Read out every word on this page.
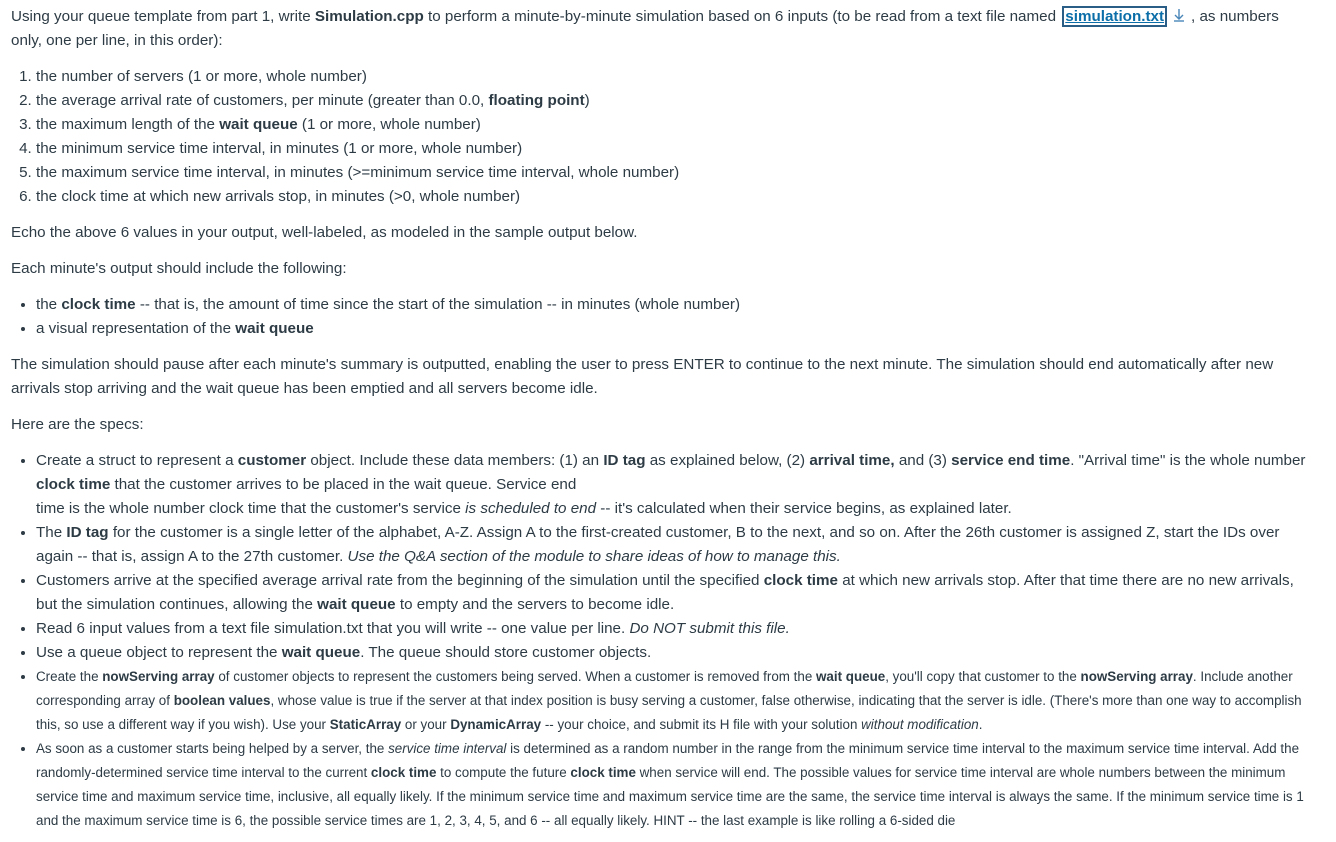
Using your queue template from part 1, write Simulation.cpp to perform a minute-by-minute simulation based on 6 inputs (to be read from a text file named simulation.txt , as numbers only, one per line, in this order):

1. the number of servers (1 or more, whole number)
2. the average arrival rate of customers, per minute (greater than 0.0, floating point)
3. the maximum length of the wait queue (1 or more, whole number)
4. the minimum service time interval, in minutes (1 or more, whole number)
5. the maximum service time interval, in minutes (>=minimum service time interval, whole number)
6. the clock time at which new arrivals stop, in minutes (>0, whole number)

Echo the above 6 values in your output, well-labeled, as modeled in the sample output below.

Each minute's output should include the following:

• the clock time -- that is, the amount of time since the start of the simulation -- in minutes (whole number)
• a visual representation of the wait queue

The simulation should pause after each minute's summary is outputted, enabling the user to press ENTER to continue to the next minute. The simulation should end automatically after new arrivals stop arriving and the wait queue has been emptied and all servers become idle.

Here are the specs:

• Create a struct to represent a customer object. Include these data members: (1) an ID tag as explained below, (2) arrival time, and (3) service end time. "Arrival time" is the whole number clock time that the customer arrives to be placed in the wait queue. Service end
time is the whole number clock time that the customer's service is scheduled to end -- it's calculated when their service begins, as explained later.
• The ID tag for the customer is a single letter of the alphabet, A-Z. Assign A to the first-created customer, B to the next, and so on. After the 26th customer is assigned Z, start the IDs over again -- that is, assign A to the 27th customer. Use the Q&A section of the module to share ideas of how to manage this.
• Customers arrive at the specified average arrival rate from the beginning of the simulation until the specified clock time at which new arrivals stop. After that time there are no new arrivals, but the simulation continues, allowing the wait queue to empty and the servers to become idle.
• Read 6 input values from a text file simulation.txt that you will write -- one value per line. Do NOT submit this file.
• Use a queue object to represent the wait queue. The queue should store customer objects.
• Create the nowServing array of customer objects to represent the customers being served. When a customer is removed from the wait queue, you'll copy that customer to the nowServing array. Include another corresponding array of boolean values, whose value is true if the server at that index position is busy serving a customer, false otherwise, indicating that the server is idle. (There's more than one way to accomplish this, so use a different way if you wish). Use your StaticArray or your DynamicArray -- your choice, and submit its H file with your solution without modification.
• As soon as a customer starts being helped by a server, the service time interval is determined as a random number in the range from the minimum service time interval to the maximum service time interval. Add the randomly-determined service time interval to the current clock time to compute the future clock time when service will end. The possible values for service time interval are whole numbers between the minimum service time and maximum service time, inclusive, all equally likely. If the minimum service time and maximum service time are the same, the service time interval is always the same. If the minimum service time is 1 and the maximum service time is 6, the possible service times are 1, 2, 3, 4, 5, and 6 -- all equally likely. HINT -- the last example is like rolling a 6-sided die
